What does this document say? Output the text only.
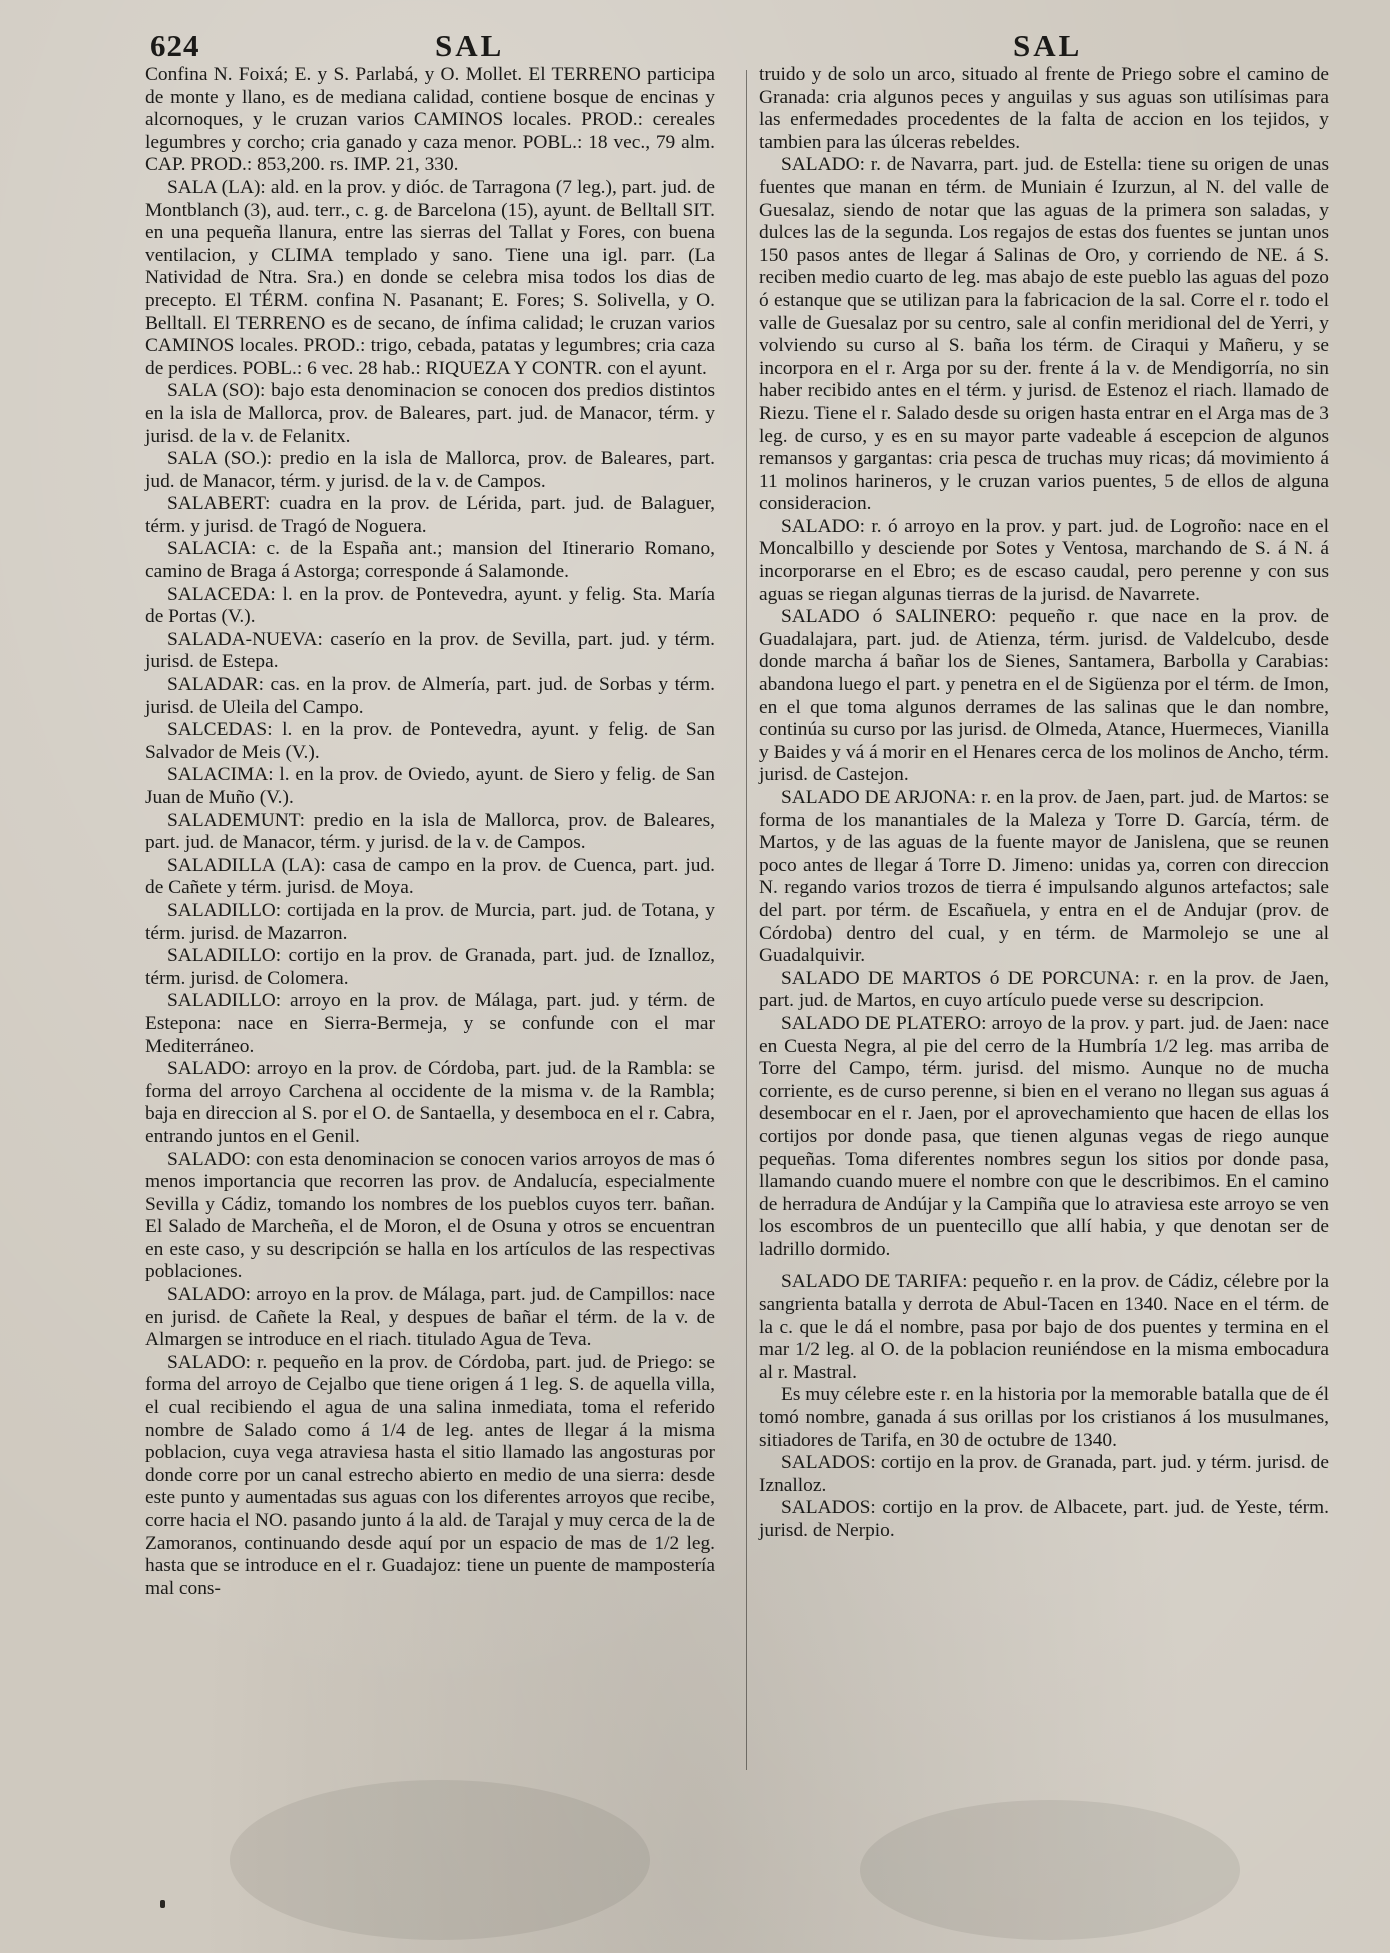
624	SAL	SAL

Confina N. Foixá; E. y S. Parlabá, y O. Mollet. El TERRENO participa de monte y llano, es de mediana calidad, contiene bosque de encinas y alcornoques, y le cruzan varios CAMINOS locales. PROD.: cereales legumbres y corcho; cria ganado y caza menor. POBL.: 18 vec., 79 alm. CAP. PROD.: 853,200. rs. IMP. 21, 330.

SALA (LA): ald. en la prov. y dióc. de Tarragona (7 leg.), part. jud. de Montblanch (3), aud. terr., c. g. de Barcelona (15), ayunt. de Belltall SIT. en una pequeña llanura, entre las sierras del Tallat y Fores, con buena ventilacion, y CLIMA templado y sano. Tiene una igl. parr. (La Natividad de Ntra. Sra.) en donde se celebra misa todos los dias de precepto. El TÉRM. confina N. Pasanant; E. Fores; S. Solivella, y O. Belltall. El TERRENO es de secano, de ínfima calidad; le cruzan varios CAMINOS locales. PROD.: trigo, cebada, patatas y legumbres; cria caza de perdices. POBL.: 6 vec. 28 hab.: RIQUEZA Y CONTR. con el ayunt.

SALA (SO): bajo esta denominacion se conocen dos predios distintos en la isla de Mallorca, prov. de Baleares, part. jud. de Manacor, térm. y jurisd. de la v. de Felanitx.

SALA (SO.): predio en la isla de Mallorca, prov. de Baleares, part. jud. de Manacor, térm. y jurisd. de la v. de Campos.

SALABERT: cuadra en la prov. de Lérida, part. jud. de Balaguer, térm. y jurisd. de Tragó de Noguera.

SALACIA: c. de la España ant.; mansion del Itinerario Romano, camino de Braga á Astorga; corresponde á Salamonde.

SALACEDA: l. en la prov. de Pontevedra, ayunt. y felig. Sta. María de Portas (V.).

SALADA-NUEVA: caserío en la prov. de Sevilla, part. jud. y térm. jurisd. de Estepa.

SALADAR: cas. en la prov. de Almería, part. jud. de Sorbas y térm. jurisd. de Uleila del Campo.

SALCEDAS: l. en la prov. de Pontevedra, ayunt. y felig. de San Salvador de Meis (V.).

SALACIMA: l. en la prov. de Oviedo, ayunt. de Siero y felig. de San Juan de Muño (V.).

SALADEMUNT: predio en la isla de Mallorca, prov. de Baleares, part. jud. de Manacor, térm. y jurisd. de la v. de Campos.

SALADILLA (LA): casa de campo en la prov. de Cuenca, part. jud. de Cañete y térm. jurisd. de Moya.

SALADILLO: cortijada en la prov. de Murcia, part. jud. de Totana, y térm. jurisd. de Mazarron.

SALADILLO: cortijo en la prov. de Granada, part. jud. de Iznalloz, térm. jurisd. de Colomera.

SALADILLO: arroyo en la prov. de Málaga, part. jud. y térm. de Estepona: nace en Sierra-Bermeja, y se confunde con el mar Mediterráneo.

SALADO: arroyo en la prov. de Córdoba, part. jud. de la Rambla: se forma del arroyo Carchena al occidente de la misma v. de la Rambla; baja en direccion al S. por el O. de Santaella, y desemboca en el r. Cabra, entrando juntos en el Genil.

SALADO: con esta denominacion se conocen varios arroyos de mas ó menos importancia que recorren las prov. de Andalucía, especialmente Sevilla y Cádiz, tomando los nombres de los pueblos cuyos terr. bañan. El Salado de Marcheña, el de Moron, el de Osuna y otros se encuentran en este caso, y su descripción se halla en los artículos de las respectivas poblaciones.

SALADO: arroyo en la prov. de Málaga, part. jud. de Campillos: nace en jurisd. de Cañete la Real, y despues de bañar el térm. de la v. de Almargen se introduce en el riach. titulado Agua de Teva.

SALADO: r. pequeño en la prov. de Córdoba, part. jud. de Priego: se forma del arroyo de Cejalbo que tiene origen á 1 leg. S. de aquella villa, el cual recibiendo el agua de una salina inmediata, toma el referido nombre de Salado como á 1/4 de leg. antes de llegar á la misma poblacion, cuya vega atraviesa hasta el sitio llamado las angosturas por donde corre por un canal estrecho abierto en medio de una sierra: desde este punto y aumentadas sus aguas con los diferentes arroyos que recibe, corre hacia el NO. pasando junto á la ald. de Tarajal y muy cerca de la de Zamoranos, continuando desde aquí por un espacio de mas de 1/2 leg. hasta que se introduce en el r. Guadajoz: tiene un puente de mampostería mal cons-

truido y de solo un arco, situado al frente de Priego sobre el camino de Granada: cria algunos peces y anguilas y sus aguas son utilísimas para las enfermedades procedentes de la falta de accion en los tejidos, y tambien para las úlceras rebeldes.

SALADO: r. de Navarra, part. jud. de Estella: tiene su origen de unas fuentes que manan en térm. de Muniain é Izurzun, al N. del valle de Guesalaz, siendo de notar que las aguas de la primera son saladas, y dulces las de la segunda. Los regajos de estas dos fuentes se juntan unos 150 pasos antes de llegar á Salinas de Oro, y corriendo de NE. á S. reciben medio cuarto de leg. mas abajo de este pueblo las aguas del pozo ó estanque que se utilizan para la fabricacion de la sal. Corre el r. todo el valle de Guesalaz por su centro, sale al confin meridional del de Yerri, y volviendo su curso al S. baña los térm. de Ciraqui y Mañeru, y se incorpora en el r. Arga por su der. frente á la v. de Mendigorría, no sin haber recibido antes en el térm. y jurisd. de Estenoz el riach. llamado de Riezu. Tiene el r. Salado desde su origen hasta entrar en el Arga mas de 3 leg. de curso, y es en su mayor parte vadeable á escepcion de algunos remansos y gargantas: cria pesca de truchas muy ricas; dá movimiento á 11 molinos harineros, y le cruzan varios puentes, 5 de ellos de alguna consideracion.

SALADO: r. ó arroyo en la prov. y part. jud. de Logroño: nace en el Moncalbillo y desciende por Sotes y Ventosa, marchando de S. á N. á incorporarse en el Ebro; es de escaso caudal, pero perenne y con sus aguas se riegan algunas tierras de la jurisd. de Navarrete.

SALADO ó SALINERO: pequeño r. que nace en la prov. de Guadalajara, part. jud. de Atienza, térm. jurisd. de Valdelcubo, desde donde marcha á bañar los de Sienes, Santamera, Barbolla y Carabias: abandona luego el part. y penetra en el de Sigüenza por el térm. de Imon, en el que toma algunos derrames de las salinas que le dan nombre, continúa su curso por las jurisd. de Olmeda, Atance, Huermeces, Vianilla y Baides y vá á morir en el Henares cerca de los molinos de Ancho, térm. jurisd. de Castejon.

SALADO DE ARJONA: r. en la prov. de Jaen, part. jud. de Martos: se forma de los manantiales de la Maleza y Torre D. García, térm. de Martos, y de las aguas de la fuente mayor de Janislena, que se reunen poco antes de llegar á Torre D. Jimeno: unidas ya, corren con direccion N. regando varios trozos de tierra é impulsando algunos artefactos; sale del part. por térm. de Escañuela, y entra en el de Andujar (prov. de Córdoba) dentro del cual, y en térm. de Marmolejo se une al Guadalquivir.

SALADO DE MARTOS ó DE PORCUNA: r. en la prov. de Jaen, part. jud. de Martos, en cuyo artículo puede verse su descripcion.

SALADO DE PLATERO: arroyo de la prov. y part. jud. de Jaen: nace en Cuesta Negra, al pie del cerro de la Humbría 1/2 leg. mas arriba de Torre del Campo, térm. jurisd. del mismo. Aunque no de mucha corriente, es de curso perenne, si bien en el verano no llegan sus aguas á desembocar en el r. Jaen, por el aprovechamiento que hacen de ellas los cortijos por donde pasa, que tienen algunas vegas de riego aunque pequeñas. Toma diferentes nombres segun los sitios por donde pasa, llamando cuando muere el nombre con que le describimos. En el camino de herradura de Andújar y la Campiña que lo atraviesa este arroyo se ven los escombros de un puentecillo que allí habia, y que denotan ser de ladrillo dormido.

SALADO DE TARIFA: pequeño r. en la prov. de Cádiz, célebre por la sangrienta batalla y derrota de Abul-Tacen en 1340. Nace en el térm. de la c. que le dá el nombre, pasa por bajo de dos puentes y termina en el mar 1/2 leg. al O. de la poblacion reuniéndose en la misma embocadura al r. Mastral.

Es muy célebre este r. en la historia por la memorable batalla que de él tomó nombre, ganada á sus orillas por los cristianos á los musulmanes, sitiadores de Tarifa, en 30 de octubre de 1340.

SALADOS: cortijo en la prov. de Granada, part. jud. y térm. jurisd. de Iznalloz.

SALADOS: cortijo en la prov. de Albacete, part. jud. de Yeste, térm. jurisd. de Nerpio.
